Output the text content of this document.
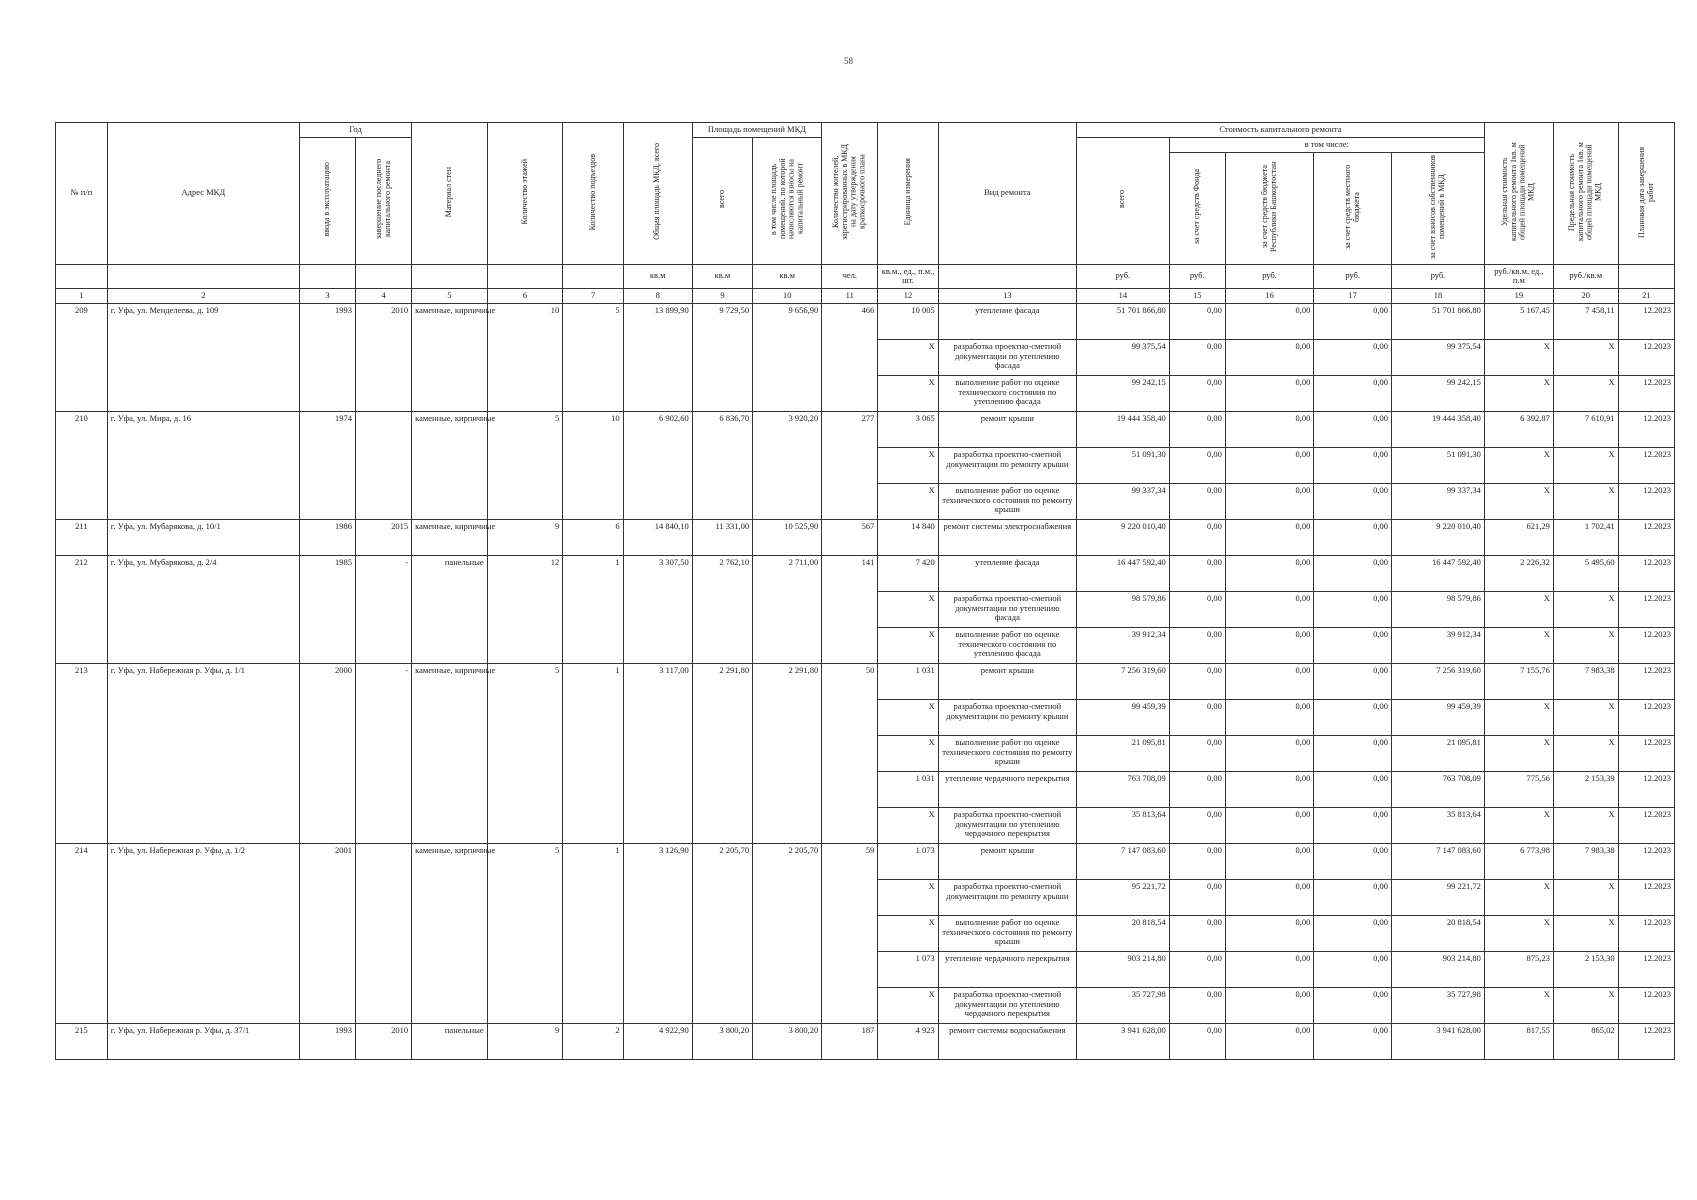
58
№ п/п	Адрес МКД	Год		Материал стен	Количество этажей	Количество подъездов	Общая площадь МКД, всего	Площадь помещений МКД		Количество жителей, зарегистрированных в МКД на дату утверждения краткосрочного плана	Единица измерения	Вид ремонта	Стоимость капитального ремонта					Удельная стоимость капитального ремонта 1кв. м общей площади помещений МКД	Предельная стоимость капитального ремонта 1кв. м общей площади помещений МКД	Плановая дата завершения работ
		ввода в эксплуатацию	завершение последнего капитального ремонта					всего	в том числе площадь помещений, по которой начисляются взносы на капитальный ремонт				всего	в том числе:						
														за счет средств Фонда	за счет средств бюджета Республики Башкортостан	за счет средств местного бюджета	за счет взносов собственников помещений в МКД			
							кв.м	кв.м	кв.м	чел.	кв.м., ед., п.м., шт.		руб.	руб.	руб.	руб.	руб.	руб./кв.м, ед., п.м	руб./кв.м	
1	2	3	4	5	6	7	8	9	10	11	12	13	14	15	16	17	18	19	20	21
209	г. Уфа, ул. Менделеева, д. 109	1993	2010	каменные, кирпичные	10	5	13 899,90	9 729,50	9 656,90	466	10 005	утепление фасада	51 701 866,80	0,00	0,00	0,00	51 701 866,80	5 167,45	7 458,11	12.2023
											X	разработка проектно-сметной документации по утеплению фасада	99 375,54	0,00	0,00	0,00	99 375,54	X	X	12.2023
											X	выполнение работ по оценке технического состояния по утеплению фасада	99 242,15	0,00	0,00	0,00	99 242,15	X	X	12.2023
210	г. Уфа, ул. Мира, д. 16	1974		каменные, кирпичные	5	10	6 902,60	6 836,70	3 920,20	277	3 065	ремонт крыши	19 444 358,40	0,00	0,00	0,00	19 444 358,40	6 392,87	7 610,91	12.2023
											X	разработка проектно-сметной документации по ремонту крыши	51 091,30	0,00	0,00	0,00	51 091,30	X	X	12.2023
											X	выполнение работ по оценке технического состояния по ремонту крыши	99 337,34	0,00	0,00	0,00	99 337,34	X	X	12.2023
211	г. Уфа, ул. Мубарякова, д. 10/1	1986	2015	каменные, кирпичные	9	6	14 840,10	11 331,00	10 525,90	567	14 840	ремонт системы электроснабжения	9 220 010,40	0,00	0,00	0,00	9 220 010,40	621,29	1 702,41	12.2023
212	г. Уфа, ул. Мубарякова, д. 2/4	1985	-	панельные	12	1	3 307,50	2 762,10	2 711,00	141	7 420	утепление фасада	16 447 592,40	0,00	0,00	0,00	16 447 592,40	2 226,32	5 495,60	12.2023
											X	разработка проектно-сметной документации по утеплению фасада	98 579,86	0,00	0,00	0,00	98 579,86	X	X	12.2023
											X	выполнение работ по оценке технического состояния по утеплению фасада	39 912,34	0,00	0,00	0,00	39 912,34	X	X	12.2023
213	г. Уфа, ул. Набережная р. Уфы, д. 1/1	2000	-	каменные, кирпичные	5	1	3 117,00	2 291,80	2 291,80	50	1 031	ремонт крыши	7 256 319,60	0,00	0,00	0,00	7 256 319,60	7 155,76	7 983,38	12.2023
											X	разработка проектно-сметной документации по ремонту крыши	99 459,39	0,00	0,00	0,00	99 459,39	X	X	12.2023
											X	выполнение работ по оценке технического состояния по ремонту крыши	21 095,81	0,00	0,00	0,00	21 095,81	X	X	12.2023
											1 031	утепление чердачного перекрытия	763 708,09	0,00	0,00	0,00	763 708,09	775,56	2 153,39	12.2023
											X	разработка проектно-сметной документации по утеплению чердачного перекрытия	35 813,64	0,00	0,00	0,00	35 813,64	X	X	12.2023
214	г. Уфа, ул. Набережная р. Уфы, д. 1/2	2001		каменные, кирпичные	5	1	3 126,90	2 205,70	2 205,70	59	1 073	ремонт крыши	7 147 083,60	0,00	0,00	0,00	7 147 083,60	6 773,98	7 983,38	12.2023
											X	разработка проектно-сметной документации по ремонту крыши	95 221,72	0,00	0,00	0,00	99 221,72	X	X	12.2023
											X	выполнение работ по оценке технического состояния по ремонту крыши	20 818,54	0,00	0,00	0,00	20 818,54	X	X	12.2023
											1 073	утепление чердачного перекрытия	903 214,80	0,00	0,00	0,00	903 214,80	875,23	2 153,30	12.2023
											X	разработка проектно-сметной документации по утеплению чердачного перекрытия	35 727,98	0,00	0,00	0,00	35 727,98	X	X	12.2023
215	г. Уфа, ул. Набережная р. Уфы, д. 37/1	1993	2010	панельные	9	2	4 922,90	3 800,20	3 800,20	187	4 923	ремонт системы водоснабжения	3 941 628,00	0,00	0,00	0,00	3 941 628,00	817,55	865,02	12.2023
